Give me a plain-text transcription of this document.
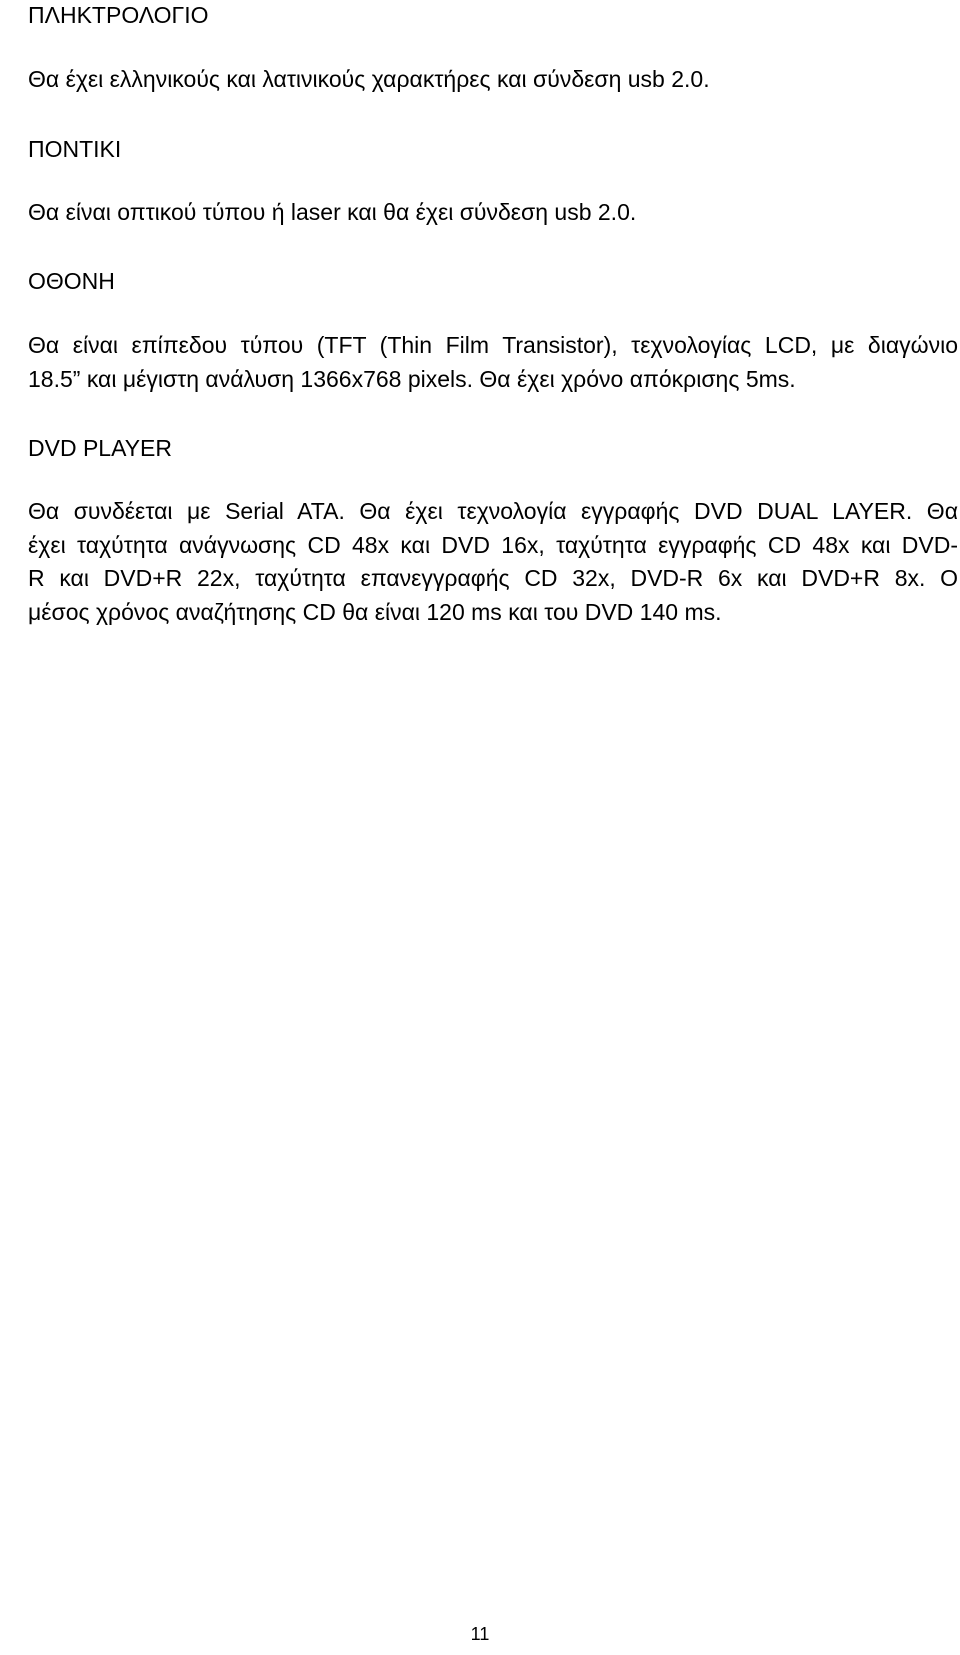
ΠΛΗΚΤΡΟΛΟΓΙΟ

Θα έχει ελληνικούς και λατινικούς χαρακτήρες και σύνδεση usb 2.0.

ΠΟΝΤΙΚΙ

Θα είναι οπτικού τύπου ή laser και θα έχει σύνδεση usb 2.0.

ΟΘΟΝΗ

Θα είναι επίπεδου τύπου (TFT (Thin Film Transistor), τεχνολογίας LCD, με διαγώνιο
18.5” και μέγιστη ανάλυση 1366x768 pixels. Θα έχει χρόνο απόκρισης 5ms.

DVD PLAYER

Θα συνδέεται με Serial ATA. Θα έχει τεχνολογία εγγραφής DVD DUAL LAYER. Θα
έχει ταχύτητα ανάγνωσης CD 48x και DVD 16x, ταχύτητα εγγραφής CD 48x και DVD-
R και DVD+R 22x, ταχύτητα επανεγγραφής CD 32x, DVD-R 6x και DVD+R 8x. Ο
μέσος χρόνος αναζήτησης CD θα είναι 120 ms και του DVD 140 ms.

11
